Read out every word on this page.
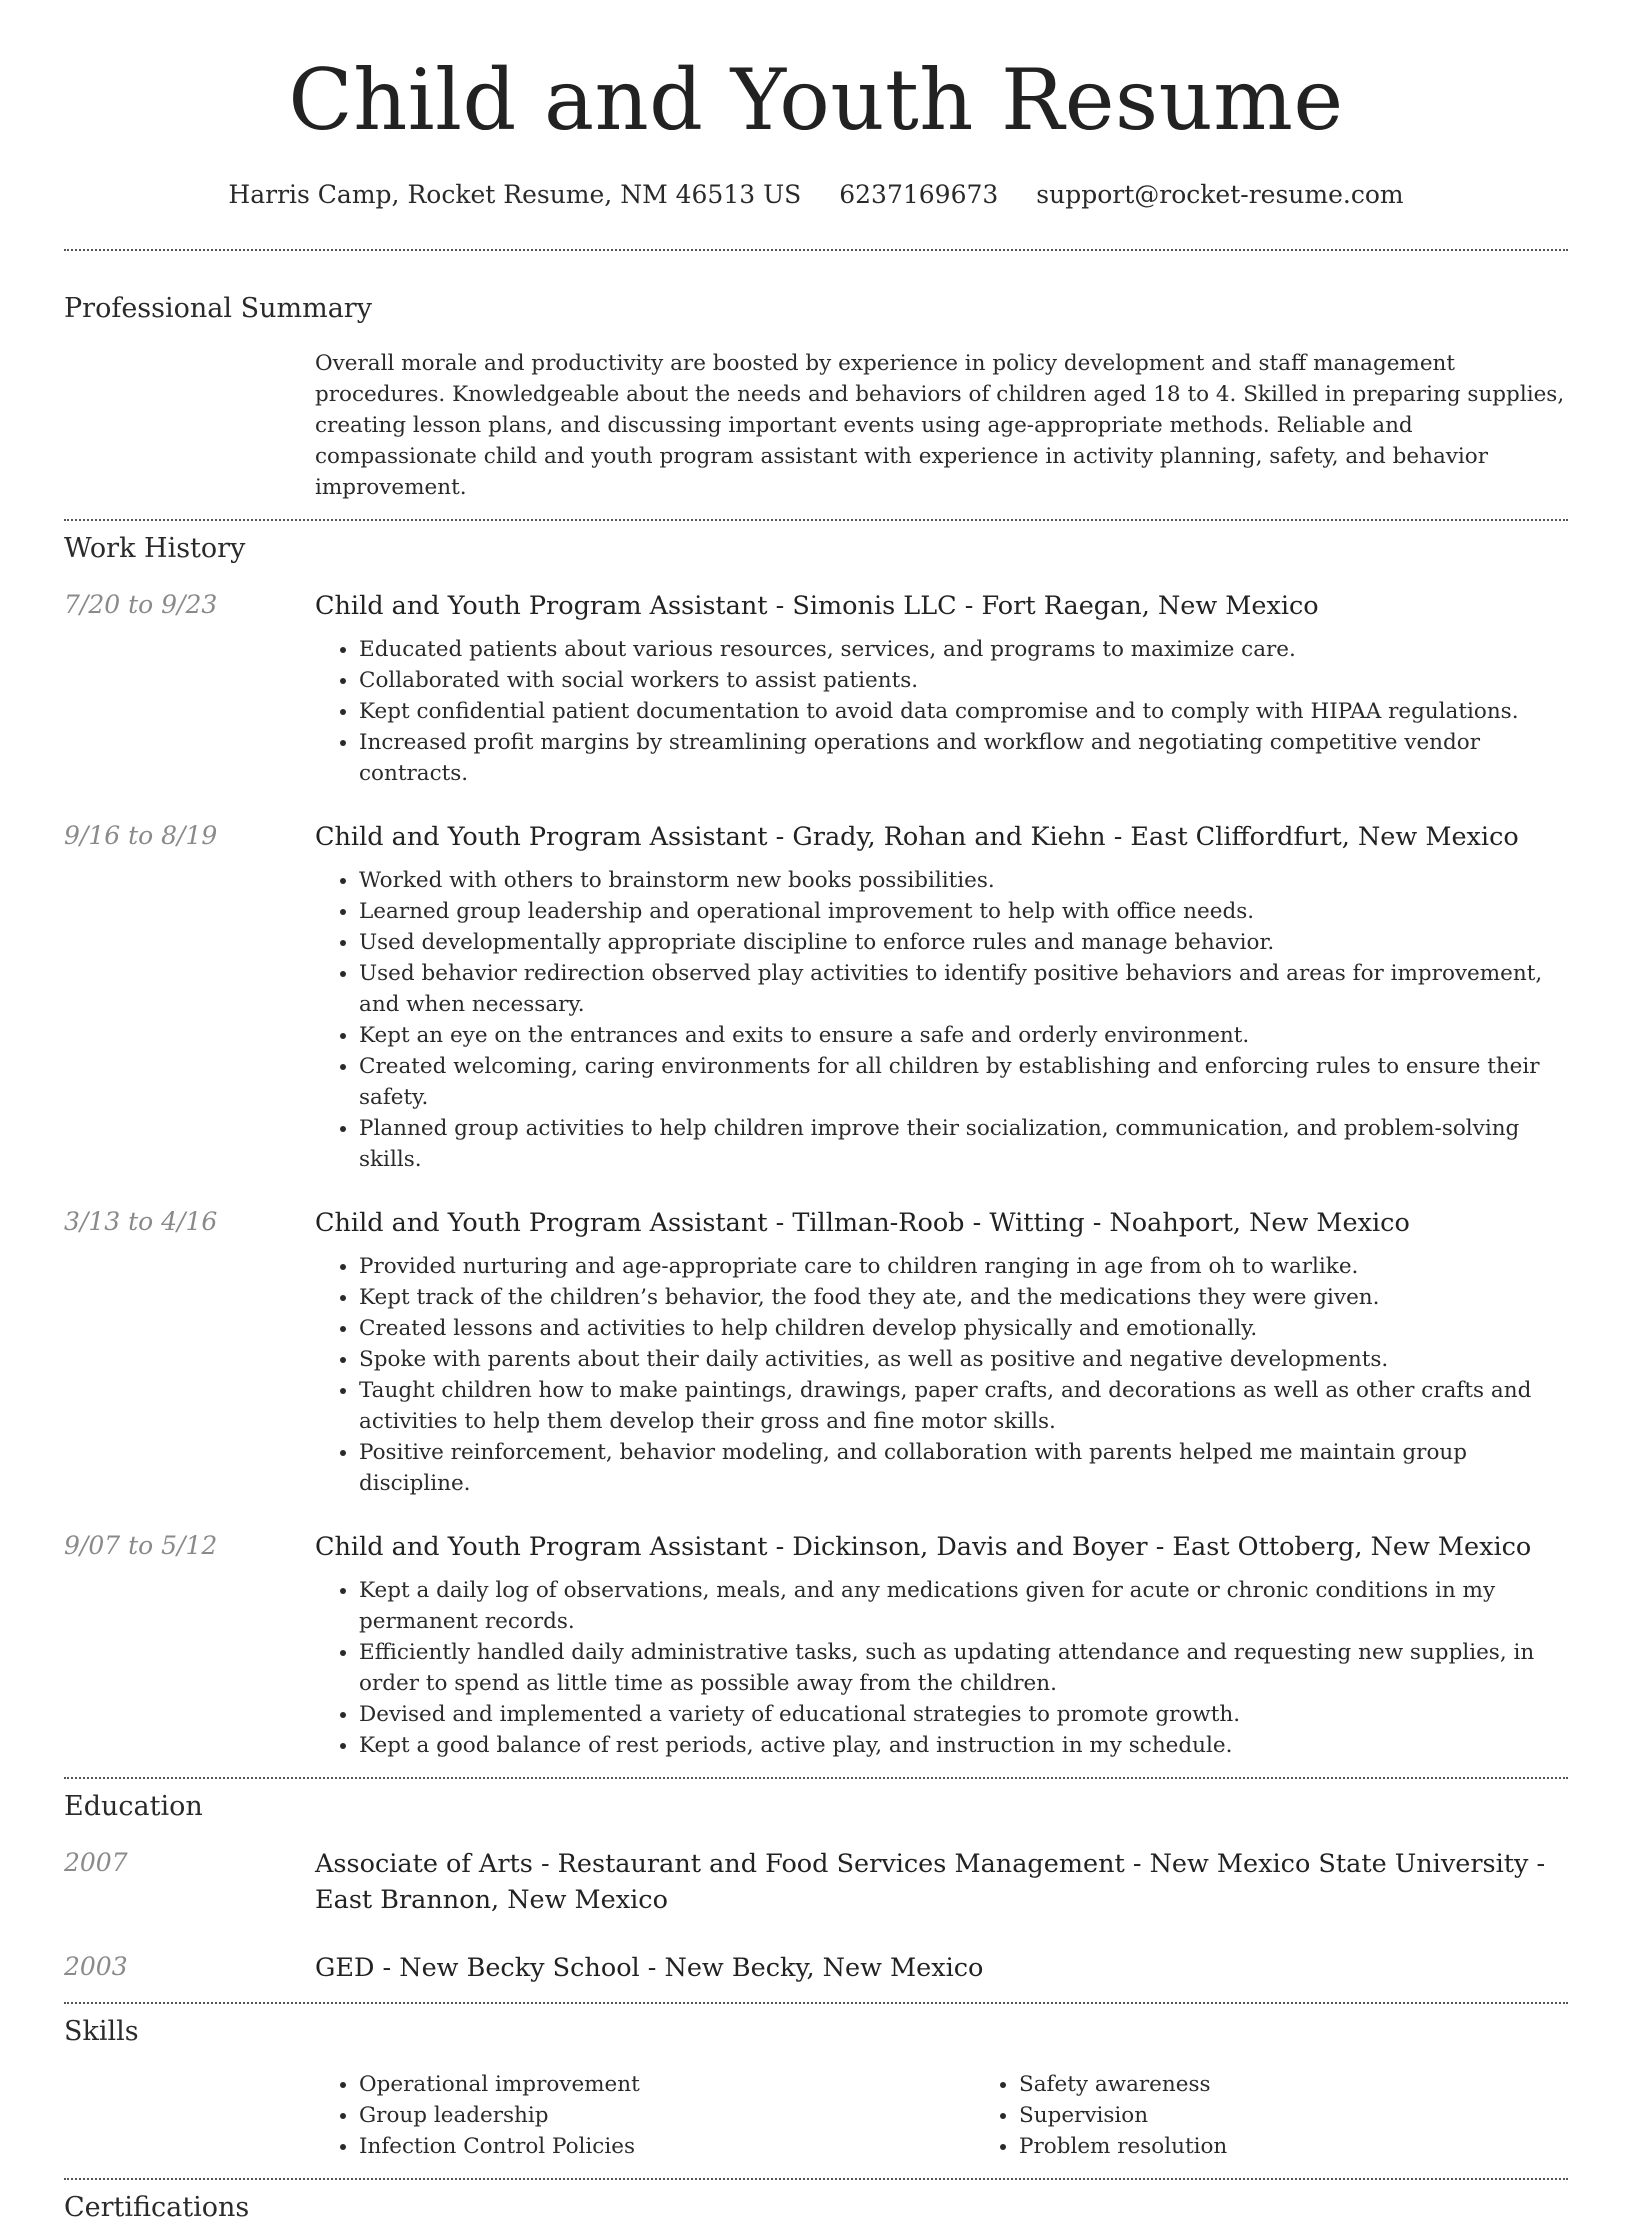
Child and Youth Resume
Harris Camp, Rocket Resume, NM 46513 US 6237169673 support@rocket-resume.com
Professional Summary
Overall morale and productivity are boosted by experience in policy development and staff management procedures. Knowledgeable about the needs and behaviors of children aged 18 to 4. Skilled in preparing supplies, creating lesson plans, and discussing important events using age-appropriate methods. Reliable and compassionate child and youth program assistant with experience in activity planning, safety, and behavior improvement.
Work History
7/20 to 9/23	Child and Youth Program Assistant - Simonis LLC - Fort Raegan, New Mexico
• Educated patients about various resources, services, and programs to maximize care.
• Collaborated with social workers to assist patients.
• Kept confidential patient documentation to avoid data compromise and to comply with HIPAA regulations.
• Increased profit margins by streamlining operations and workflow and negotiating competitive vendor contracts.
9/16 to 8/19	Child and Youth Program Assistant - Grady, Rohan and Kiehn - East Cliffordfurt, New Mexico
• Worked with others to brainstorm new books possibilities.
• Learned group leadership and operational improvement to help with office needs.
• Used developmentally appropriate discipline to enforce rules and manage behavior.
• Used behavior redirection observed play activities to identify positive behaviors and areas for improvement, and when necessary.
• Kept an eye on the entrances and exits to ensure a safe and orderly environment.
• Created welcoming, caring environments for all children by establishing and enforcing rules to ensure their safety.
• Planned group activities to help children improve their socialization, communication, and problem-solving skills.
3/13 to 4/16	Child and Youth Program Assistant - Tillman-Roob - Witting - Noahport, New Mexico
• Provided nurturing and age-appropriate care to children ranging in age from oh to warlike.
• Kept track of the children’s behavior, the food they ate, and the medications they were given.
• Created lessons and activities to help children develop physically and emotionally.
• Spoke with parents about their daily activities, as well as positive and negative developments.
• Taught children how to make paintings, drawings, paper crafts, and decorations as well as other crafts and activities to help them develop their gross and fine motor skills.
• Positive reinforcement, behavior modeling, and collaboration with parents helped me maintain group discipline.
9/07 to 5/12	Child and Youth Program Assistant - Dickinson, Davis and Boyer - East Ottoberg, New Mexico
• Kept a daily log of observations, meals, and any medications given for acute or chronic conditions in my permanent records.
• Efficiently handled daily administrative tasks, such as updating attendance and requesting new supplies, in order to spend as little time as possible away from the children.
• Devised and implemented a variety of educational strategies to promote growth.
• Kept a good balance of rest periods, active play, and instruction in my schedule.
Education
2007	Associate of Arts - Restaurant and Food Services Management - New Mexico State University - East Brannon, New Mexico
2003	GED - New Becky School - New Becky, New Mexico
Skills
• Operational improvement
• Group leadership
• Infection Control Policies
• Safety awareness
• Supervision
• Problem resolution
Certifications
